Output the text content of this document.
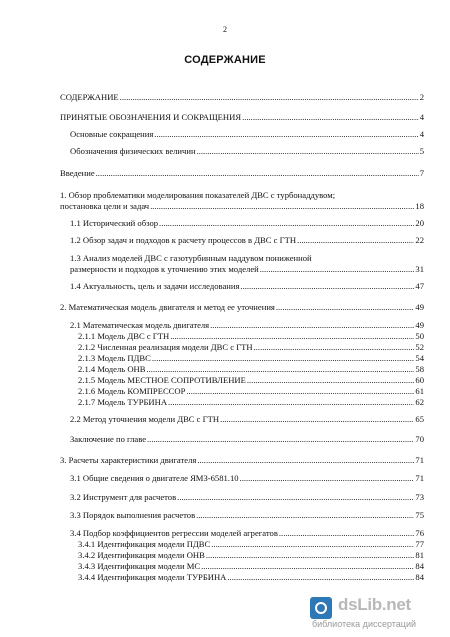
2
СОДЕРЖАНИЕ
СОДЕРЖАНИЕ .....	2
ПРИНЯТЫЕ ОБОЗНАЧЕНИЯ И СОКРАЩЕНИЯ .....	4
Основные сокращения .....	4
Обозначения физических величин .....	5
Введение .....	7
1. Обзор проблематики моделирования показателей ДВС с турбонаддувом;
постановка цели и задач .....	18
1.1 Исторический обзор .....	20
1.2 Обзор задач и подходов к расчету процессов в ДВС с ГТН .....	22
1.3 Анализ моделей ДВС с газотурбинным наддувом пониженной
размерности и подходов к уточнению этих моделей .....	31
1.4 Актуальность, цель и задачи исследования .....	47
2. Математическая модель двигателя и метод ее уточнения .....	49
2.1 Математическая модель двигателя .....	49
2.1.1 Модель ДВС с ГТН .....	50
2.1.2 Численная реализация модели ДВС с ГТН .....	52
2.1.3 Модель ПДВС .....	54
2.1.4 Модель ОНВ .....	58
2.1.5 Модель МЕСТНОЕ СОПРОТИВЛЕНИЕ .....	60
2.1.6 Модель КОМПРЕССОР .....	61
2.1.7 Модель ТУРБИНА .....	62
2.2 Метод уточнения модели ДВС с ГТН .....	65
Заключение по главе .....	70
3. Расчеты характеристики двигателя .....	71
3.1 Общие сведения о двигателе ЯМЗ-6581.10 .....	71
3.2 Инструмент для расчетов .....	73
3.3 Порядок выполнения расчетов .....	75
3.4 Подбор коэффициентов регрессии моделей агрегатов .....	76
3.4.1 Идентификация модели ПДВС .....	77
3.4.2 Идентификация модели ОНВ .....	81
3.4.3 Идентификация модели МС .....	84
3.4.4 Идентификация модели ТУРБИНА .....	84
dsLib.net
библиотека диссертаций
